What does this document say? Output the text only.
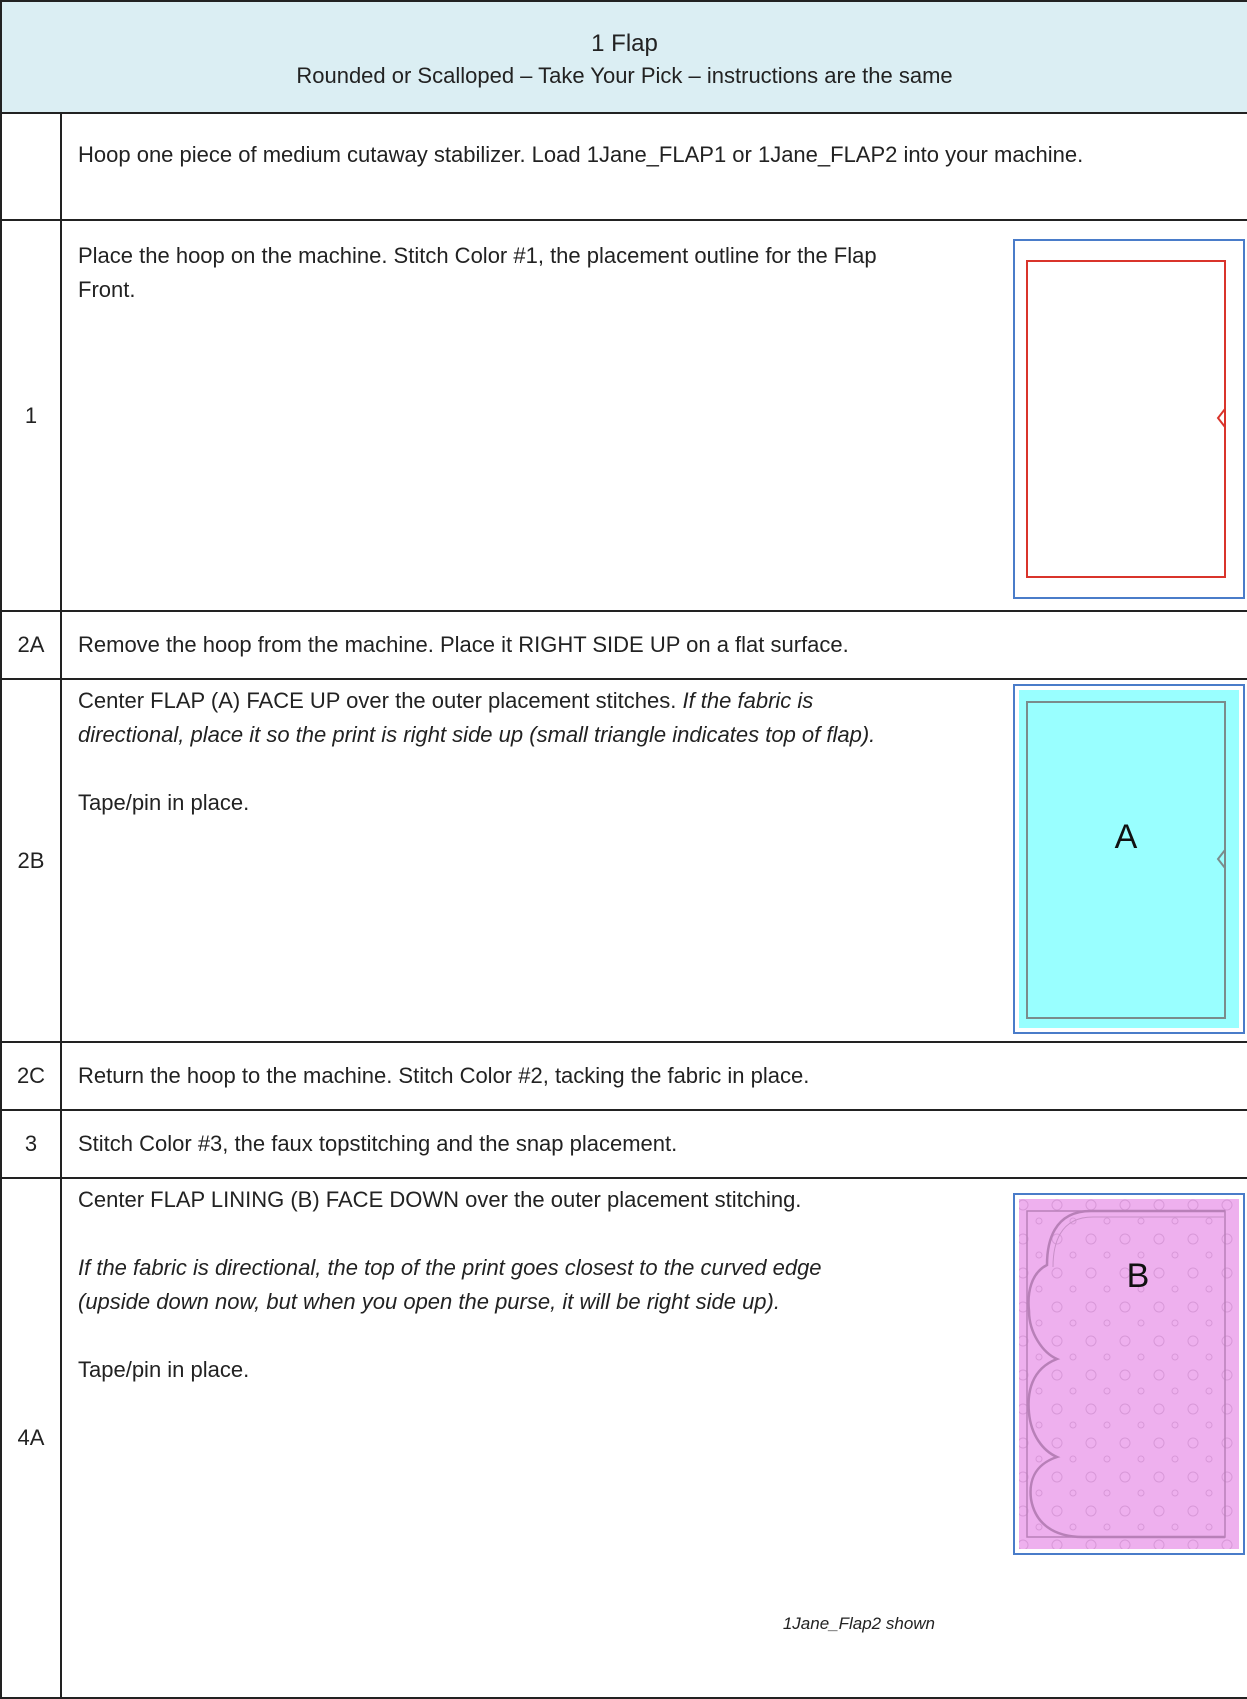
1 Flap
Rounded or Scalloped – Take Your Pick – instructions are the same	

	Hoop one piece of medium cutaway stabilizer. Load 1Jane_FLAP1 or 1Jane_FLAP2 into your machine.

1	Place the hoop on the machine. Stitch Color #1, the placement outline for the Flap Front.

2A	Remove the hoop from the machine. Place it RIGHT SIDE UP on a flat surface.

2B	Center FLAP (A) FACE UP over the outer placement stitches. If the fabric is directional, place it so the print is right side up (small triangle indicates top of flap).

Tape/pin in place.

A

2C	Return the hoop to the machine. Stitch Color #2, tacking the fabric in place.

3	Stitch Color #3, the faux topstitching and the snap placement.

4A	Center FLAP LINING (B) FACE DOWN over the outer placement stitching.

If the fabric is directional, the top of the print goes closest to the curved edge (upside down now, but when you open the purse, it will be right side up).

Tape/pin in place.

1Jane_Flap2 shown
B
